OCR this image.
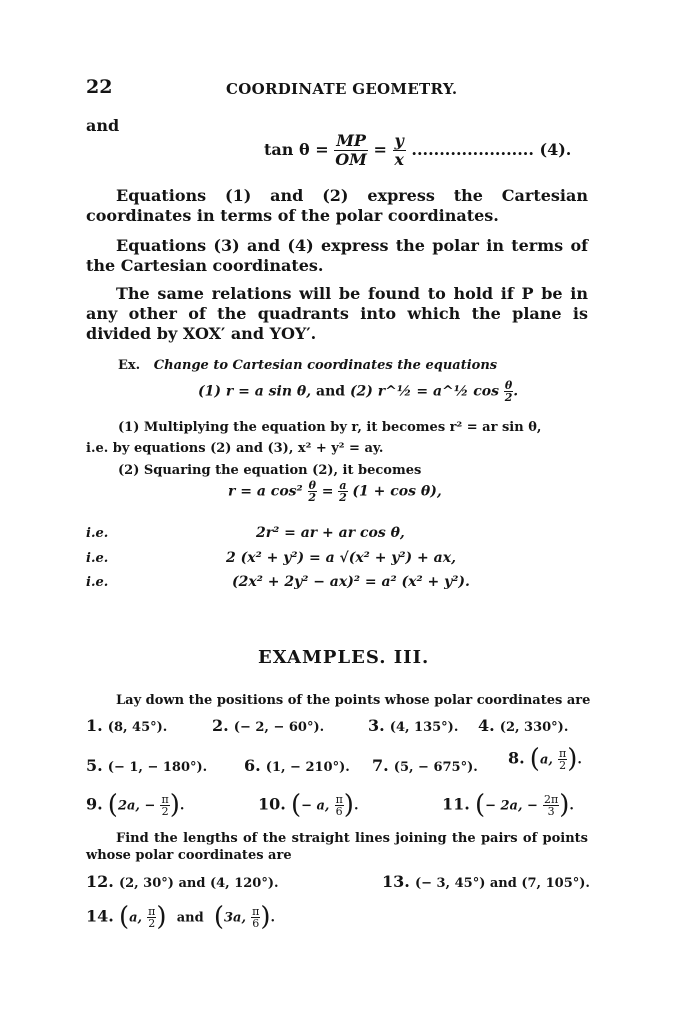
22	COORDINATE GEOMETRY.
and
$\tan \theta = \frac{MP}{OM} = \frac{y}{x}$ ...................... (4).
Equations (1) and (2) express the Cartesian coordinates in terms of the polar coordinates.
Equations (3) and (4) express the polar in terms of the Cartesian coordinates.
The same relations will be found to hold if P be in any other of the quadrants into which the plane is divided by XOX′ and YOY′.
Ex. Change to Cartesian coordinates the equations
(1) r = a sin θ, and (2) r^½ = a^½ $\cos \frac{\theta}{2}$ .
(1) Multiplying the equation by r, it becomes r² = ar sin θ,
i.e. by equations (2) and (3), x² + y² = ay.
(2) Squaring the equation (2), it becomes
r = a $\cos^2 \frac{\theta}{2} = \frac{a}{2} (1 + \cos \theta)$,
i.e.	2r² = ar + ar cos θ,
i.e.	2 (x² + y²) = a √(x² + y²) + ax,
i.e.	(2x² + 2y² − ax)² = a² (x² + y²).
EXAMPLES. III.
Lay down the positions of the points whose polar coordinates are
1. (8, 45°).	2. (− 2, − 60°).	3. (4, 135°). 4. (2, 330°).
5. (− 1, − 180°). 6. (1, − 210°). 7. (5, − 675°). 8. (a, $\frac{\pi}{2}$ ).
9. (2a, − $\frac{\pi}{2}$ ).	10. (− a, $\frac{\pi}{6}$ ).	11. (− 2a, − $\frac{2\pi}{3}$ ).
Find the lengths of the straight lines joining the pairs of points whose polar coordinates are
12. (2, 30°) and (4, 120°).	13. (− 3, 45°) and (7, 105°).
14. (a, $\frac{\pi}{2}$ ) and (3a, $\frac{\pi}{6}$ ).
